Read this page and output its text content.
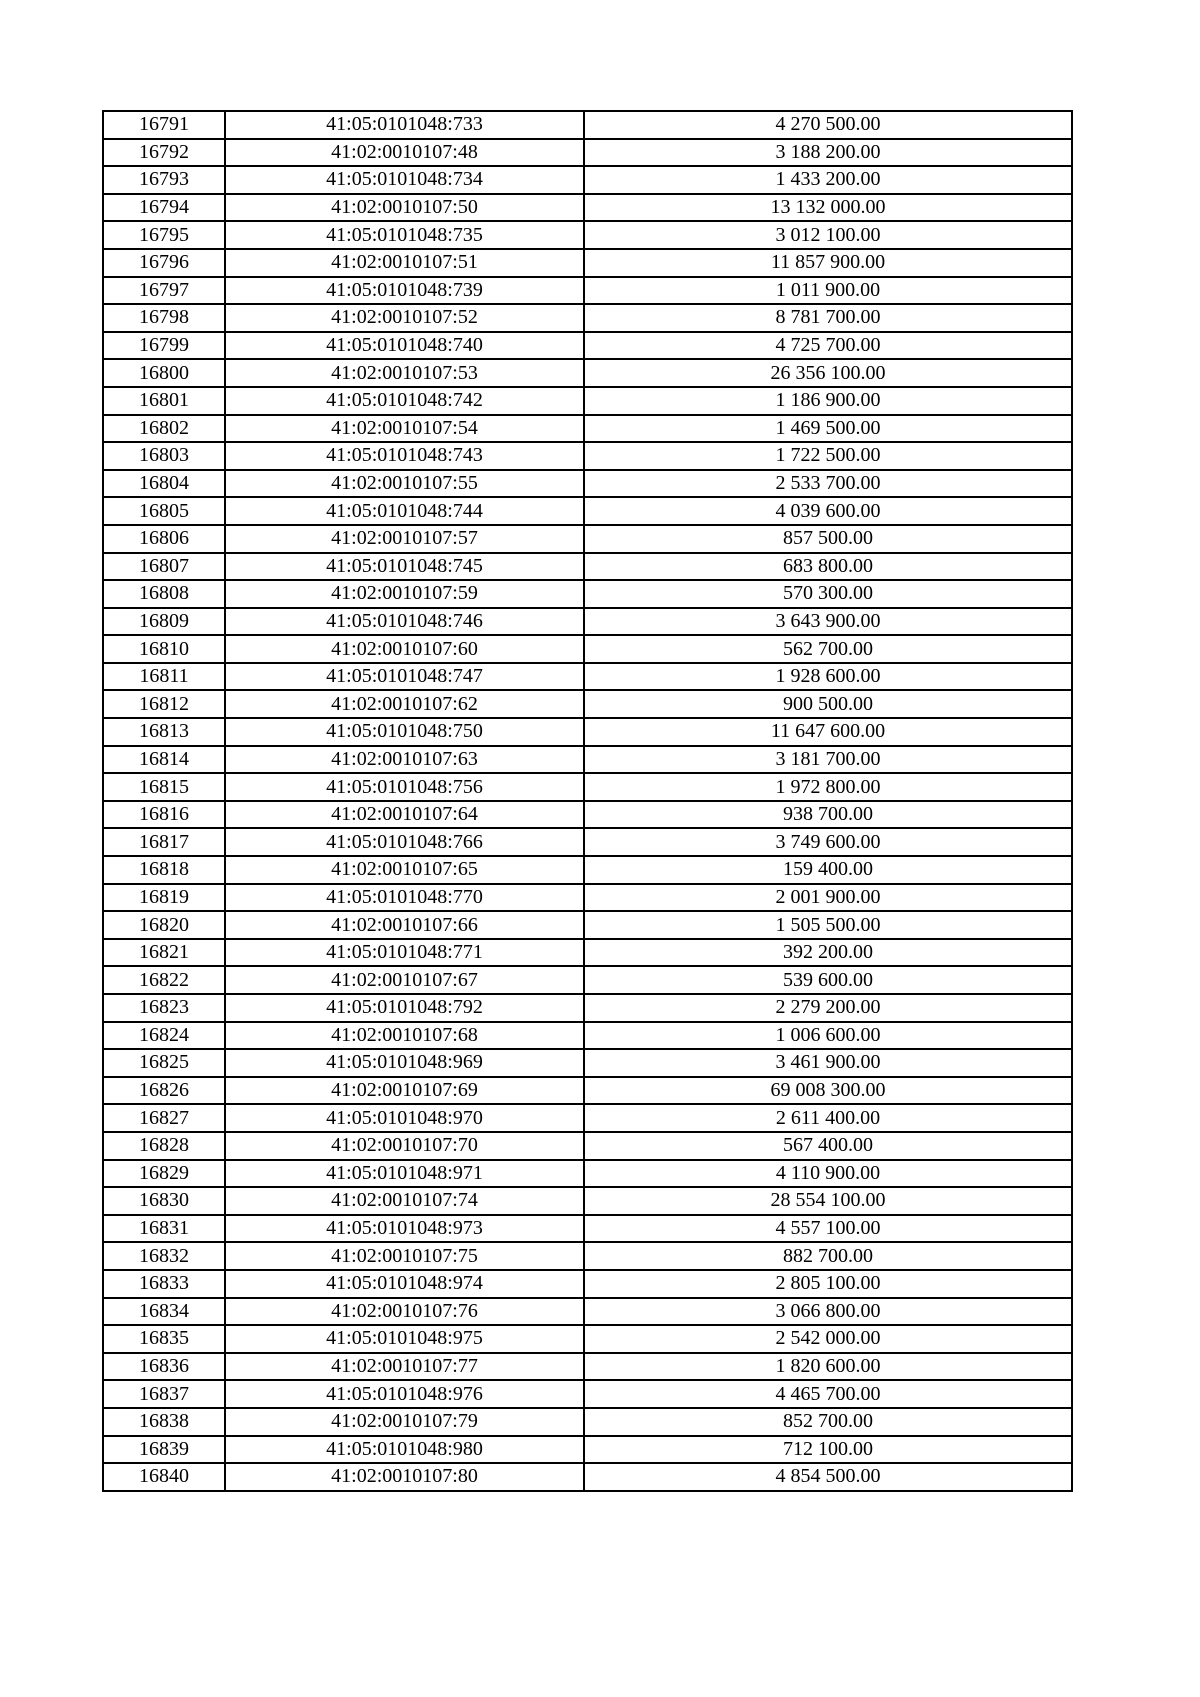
16791	41:05:0101048:733	4 270 500.00
16792	41:02:0010107:48	3 188 200.00
16793	41:05:0101048:734	1 433 200.00
16794	41:02:0010107:50	13 132 000.00
16795	41:05:0101048:735	3 012 100.00
16796	41:02:0010107:51	11 857 900.00
16797	41:05:0101048:739	1 011 900.00
16798	41:02:0010107:52	8 781 700.00
16799	41:05:0101048:740	4 725 700.00
16800	41:02:0010107:53	26 356 100.00
16801	41:05:0101048:742	1 186 900.00
16802	41:02:0010107:54	1 469 500.00
16803	41:05:0101048:743	1 722 500.00
16804	41:02:0010107:55	2 533 700.00
16805	41:05:0101048:744	4 039 600.00
16806	41:02:0010107:57	857 500.00
16807	41:05:0101048:745	683 800.00
16808	41:02:0010107:59	570 300.00
16809	41:05:0101048:746	3 643 900.00
16810	41:02:0010107:60	562 700.00
16811	41:05:0101048:747	1 928 600.00
16812	41:02:0010107:62	900 500.00
16813	41:05:0101048:750	11 647 600.00
16814	41:02:0010107:63	3 181 700.00
16815	41:05:0101048:756	1 972 800.00
16816	41:02:0010107:64	938 700.00
16817	41:05:0101048:766	3 749 600.00
16818	41:02:0010107:65	159 400.00
16819	41:05:0101048:770	2 001 900.00
16820	41:02:0010107:66	1 505 500.00
16821	41:05:0101048:771	392 200.00
16822	41:02:0010107:67	539 600.00
16823	41:05:0101048:792	2 279 200.00
16824	41:02:0010107:68	1 006 600.00
16825	41:05:0101048:969	3 461 900.00
16826	41:02:0010107:69	69 008 300.00
16827	41:05:0101048:970	2 611 400.00
16828	41:02:0010107:70	567 400.00
16829	41:05:0101048:971	4 110 900.00
16830	41:02:0010107:74	28 554 100.00
16831	41:05:0101048:973	4 557 100.00
16832	41:02:0010107:75	882 700.00
16833	41:05:0101048:974	2 805 100.00
16834	41:02:0010107:76	3 066 800.00
16835	41:05:0101048:975	2 542 000.00
16836	41:02:0010107:77	1 820 600.00
16837	41:05:0101048:976	4 465 700.00
16838	41:02:0010107:79	852 700.00
16839	41:05:0101048:980	712 100.00
16840	41:02:0010107:80	4 854 500.00
